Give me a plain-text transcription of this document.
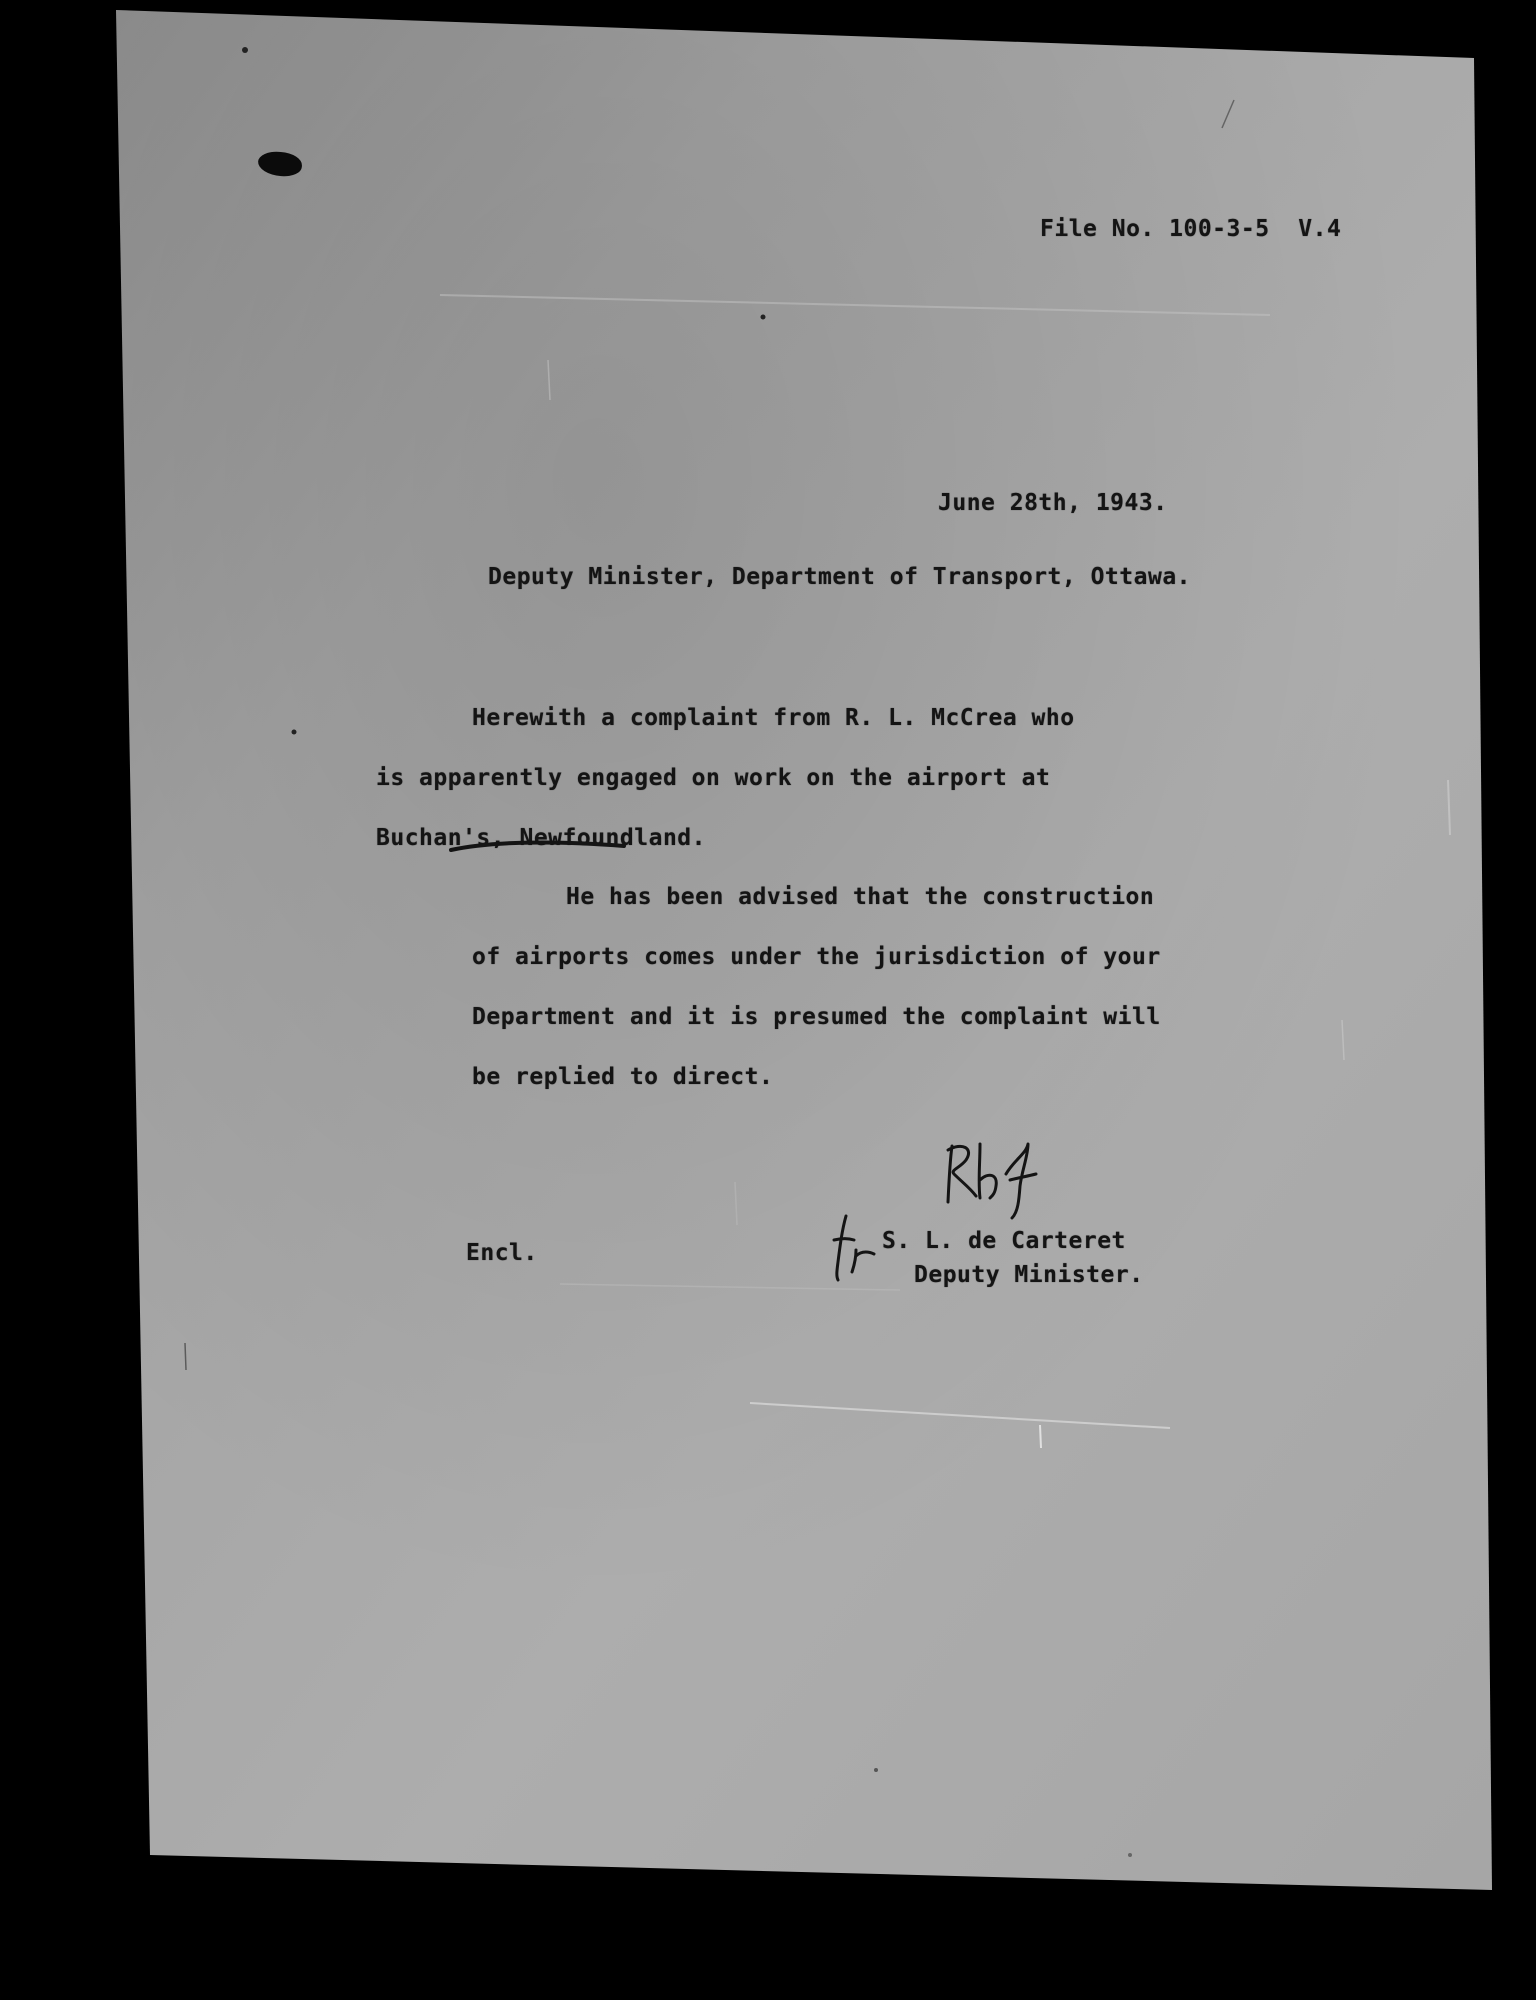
File No. 100-3-5  V.4
June 28th, 1943.
Deputy Minister, Department of Transport, Ottawa.
Herewith a complaint from R. L. McCrea who
is apparently engaged on work on the airport at
Buchan's, Newfoundland.
He has been advised that the construction
of airports comes under the jurisdiction of your
Department and it is presumed the complaint will
be replied to direct.
Encl.	S. L. de Carteret
Deputy Minister.
